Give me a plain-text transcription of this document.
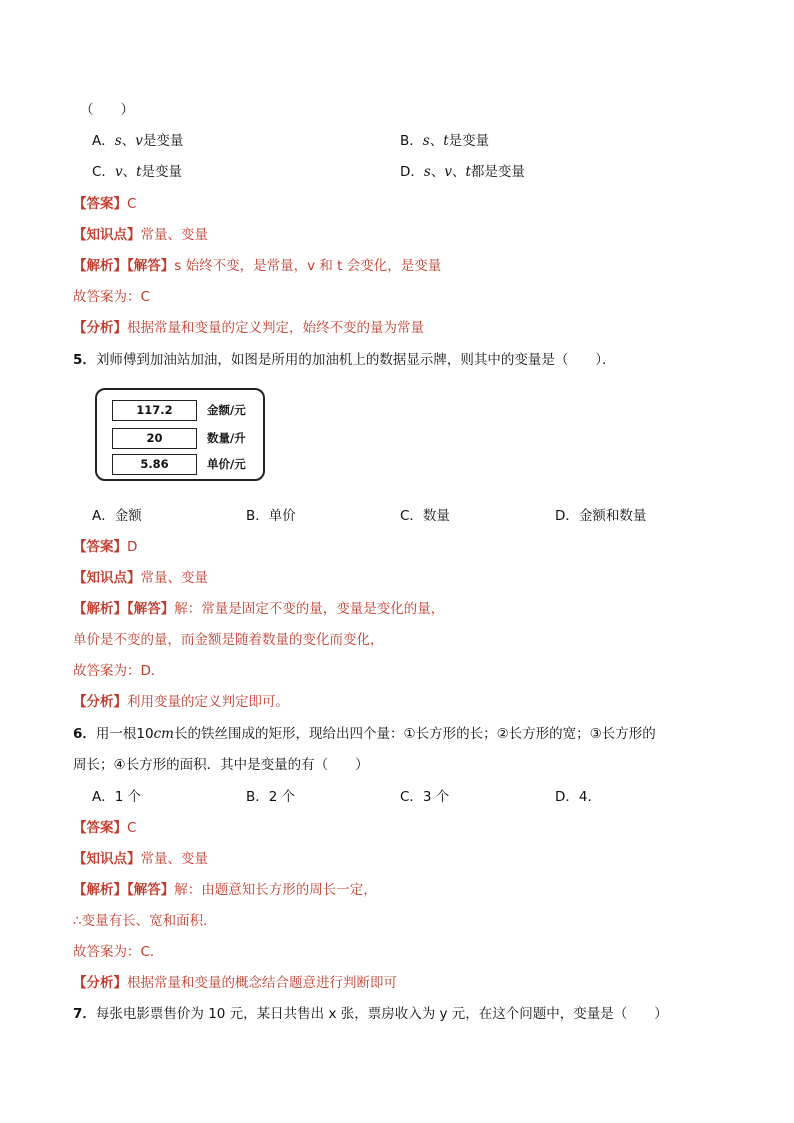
（　　）
A．s、v是变量	B．s、t是变量
C．v、t是变量	D．s、v、t都是变量
【答案】C
【知识点】常量、变量
【解析】【解答】s 始终不变，是常量，v 和 t 会变化，是变量
故答案为：C
【分析】根据常量和变量的定义判定，始终不变的量为常量
5．刘师傅到加油站加油，如图是所用的加油机上的数据显示牌，则其中的变量是（　　）．
117.2	金额/元
20	数量/升
5.86	单价/元
A．金额	B．单价	C．数量	D．金额和数量
【答案】D
【知识点】常量、变量
【解析】【解答】解：常量是固定不变的量，变量是变化的量，
单价是不变的量，而金额是随着数量的变化而变化，
故答案为：D．
【分析】利用变量的定义判定即可。
6．用一根10cm长的铁丝围成的矩形，现给出四个量：①长方形的长；②长方形的宽；③长方形的
周长；④长方形的面积．其中是变量的有（　　）
A．1 个	B．2 个	C．3 个	D．4.
【答案】C
【知识点】常量、变量
【解析】【解答】解：由题意知长方形的周长一定，
∴变量有长、宽和面积．
故答案为：C．
【分析】根据常量和变量的概念结合题意进行判断即可
7．每张电影票售价为 10 元，某日共售出 x 张，票房收入为 y 元，在这个问题中，变量是（　　）
